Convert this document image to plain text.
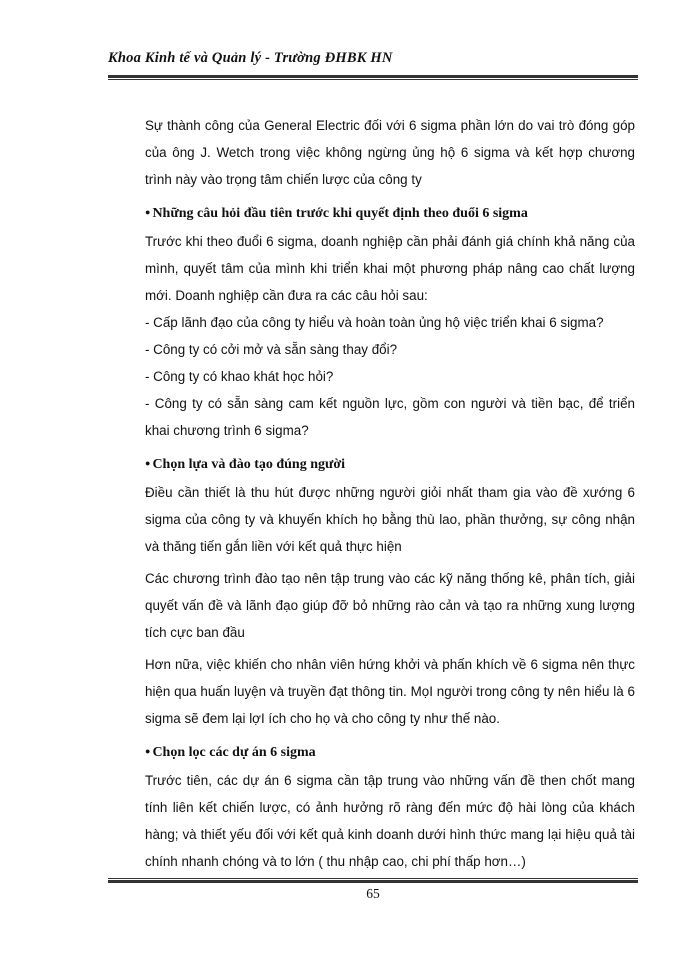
Khoa Kinh tế và Quản lý - Trường ĐHBK HN

Sự thành công của General Electric đối với 6 sigma phần lớn do vai trò đóng góp của ông J. Wetch trong việc không ngừng ủng hộ 6 sigma và kết hợp chương trình này vào trọng tâm chiến lược của công ty

● Những câu hỏi đầu tiên trước khi quyết định theo đuổi 6 sigma

Trước khi theo đuổi 6 sigma, doanh nghiệp cần phải đánh giá chính khả năng của mình, quyết tâm của mình khi triển khai một phương pháp nâng cao chất lượng mới. Doanh nghiệp cần đưa ra các câu hỏi sau:

- Cấp lãnh đạo của công ty hiểu và hoàn toàn ủng hộ việc triển khai 6 sigma?

- Công ty có cởi mở và sẵn sàng thay đổi?

- Công ty có khao khát học hỏi?

- Công ty có sẵn sàng cam kết nguồn lực, gồm con người và tiền bạc, để triển khai chương trình 6 sigma?

● Chọn lựa và đào tạo đúng người

Điều cần thiết là thu hút được những người giỏi nhất tham gia vào đề xướng 6 sigma của công ty và khuyến khích họ bằng thù lao, phần thưởng, sự công nhận và thăng tiến gắn liền với kết quả thực hiện

Các chương trình đào tạo nên tập trung vào các kỹ năng thống kê, phân tích, giải quyết vấn đề và lãnh đạo giúp đỡ bỏ những rào cản và tạo ra những xung lượng tích cực ban đầu

Hơn nữa, việc khiến cho nhân viên hứng khởi và phấn khích về 6 sigma nên thực hiện qua huấn luyện và truyền đạt thông tin. MọI người trong công ty nên hiểu là 6 sigma sẽ đem lại lợI ích cho họ và cho công ty như thế nào.

● Chọn lọc các dự án 6 sigma

Trước tiên, các dự án 6 sigma cần tập trung vào những vấn đề then chốt mang tính liên kết chiến lược, có ảnh hưởng rõ ràng đến mức độ hài lòng của khách hàng; và thiết yếu đối với kết quả kinh doanh dưới hình thức mang lại hiệu quả tài chính nhanh chóng và to lớn ( thu nhập cao, chi phí thấp hơn…)

65
